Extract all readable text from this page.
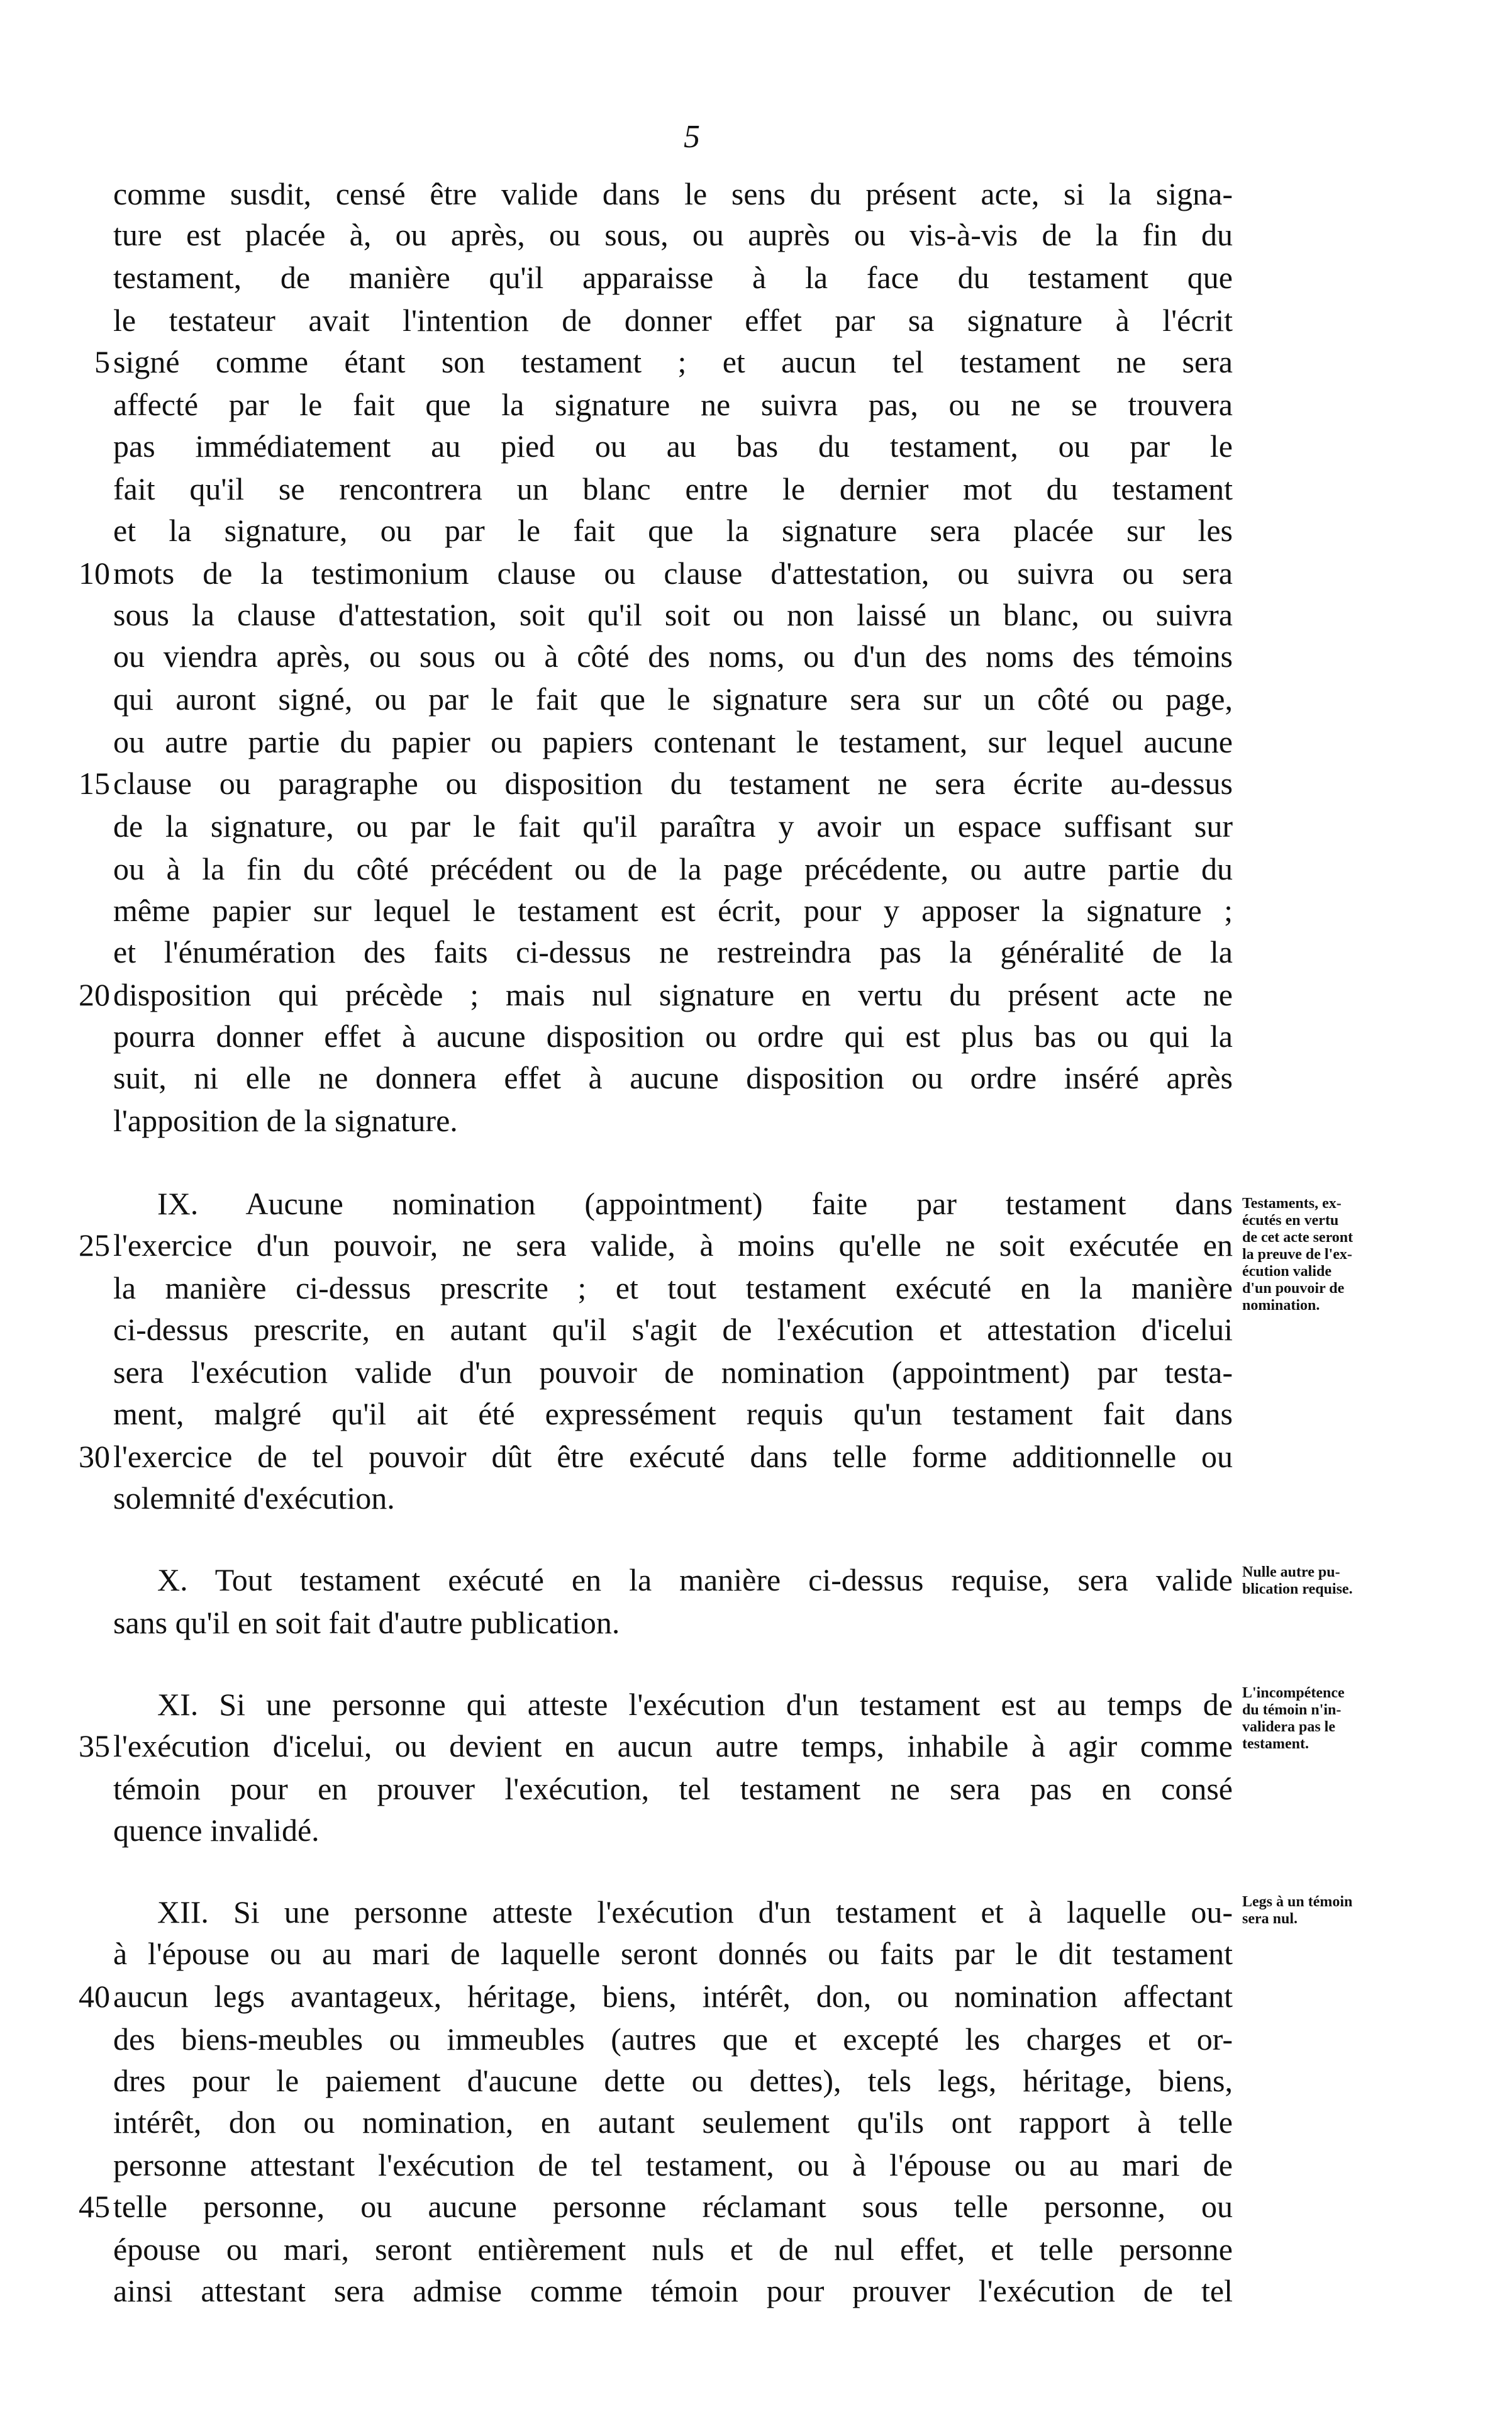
5
comme susdit, censé être valide dans le sens du présent acte, si la signa-
ture est placée à, ou après, ou sous, ou auprès ou vis-à-vis de la fin du
testament, de manière qu'il apparaisse à la face du testament que
le testateur avait l'intention de donner effet par sa signature à l'écrit
signé comme étant son testament ; et aucun tel testament ne sera
affecté par le fait que la signature ne suivra pas, ou ne se trouvera
pas immédiatement au pied ou au bas du testament, ou par le
fait qu'il se rencontrera un blanc entre le dernier mot du testament
et la signature, ou par le fait que la signature sera placée sur les
mots de la testimonium clause ou clause d'attestation, ou suivra ou sera
sous la clause d'attestation, soit qu'il soit ou non laissé un blanc, ou suivra
ou viendra après, ou sous ou à côté des noms, ou d'un des noms des témoins
qui auront signé, ou par le fait que le signature sera sur un côté ou page,
ou autre partie du papier ou papiers contenant le testament, sur lequel aucune
clause ou paragraphe ou disposition du testament ne sera écrite au-dessus
de la signature, ou par le fait qu'il paraîtra y avoir un espace suffisant sur
ou à la fin du côté précédent ou de la page précédente, ou autre partie du
même papier sur lequel le testament est écrit, pour y apposer la signature ;
et l'énumération des faits ci-dessus ne restreindra pas la généralité de la
disposition qui précède ; mais nul signature en vertu du présent acte ne
pourra donner effet à aucune disposition ou ordre qui est plus bas ou qui la
suit, ni elle ne donnera effet à aucune disposition ou ordre inséré après
l'apposition de la signature.
IX. Aucune nomination (appointment) faite par testament dans
l'exercice d'un pouvoir, ne sera valide, à moins qu'elle ne soit exécutée en
la manière ci-dessus prescrite ; et tout testament exécuté en la manière
ci-dessus prescrite, en autant qu'il s'agit de l'exécution et attestation d'icelui
sera l'exécution valide d'un pouvoir de nomination (appointment) par testa-
ment, malgré qu'il ait été expressément requis qu'un testament fait dans
l'exercice de tel pouvoir dût être exécuté dans telle forme additionnelle ou
solemnité d'exécution.
X. Tout testament exécuté en la manière ci-dessus requise, sera valide
sans qu'il en soit fait d'autre publication.
XI. Si une personne qui atteste l'exécution d'un testament est au temps de
l'exécution d'icelui, ou devient en aucun autre temps, inhabile à agir comme
témoin pour en prouver l'exécution, tel testament ne sera pas en consé
quence invalidé.
XII. Si une personne atteste l'exécution d'un testament et à laquelle ou-
à l'épouse ou au mari de laquelle seront donnés ou faits par le dit testament
aucun legs avantageux, héritage, biens, intérêt, don, ou nomination affectant
des biens-meubles ou immeubles (autres que et excepté les charges et or-
dres pour le paiement d'aucune dette ou dettes), tels legs, héritage, biens,
intérêt, don ou nomination, en autant seulement qu'ils ont rapport à telle
personne attestant l'exécution de tel testament, ou à l'épouse ou au mari de
telle personne, ou aucune personne réclamant sous telle personne, ou
épouse ou mari, seront entièrement nuls et de nul effet, et telle personne
ainsi attestant sera admise comme témoin pour prouver l'exécution de tel
5
10
15
20
25
30
35
40
45
Testaments, ex-
écutés en vertu
de cet acte seront
la preuve de l'ex-
écution valide
d'un pouvoir de
nomination.
Nulle autre pu-
blication requise.
L'incompétence
du témoin n'in-
validera pas le
testament.
Legs à un témoin
sera nul.
